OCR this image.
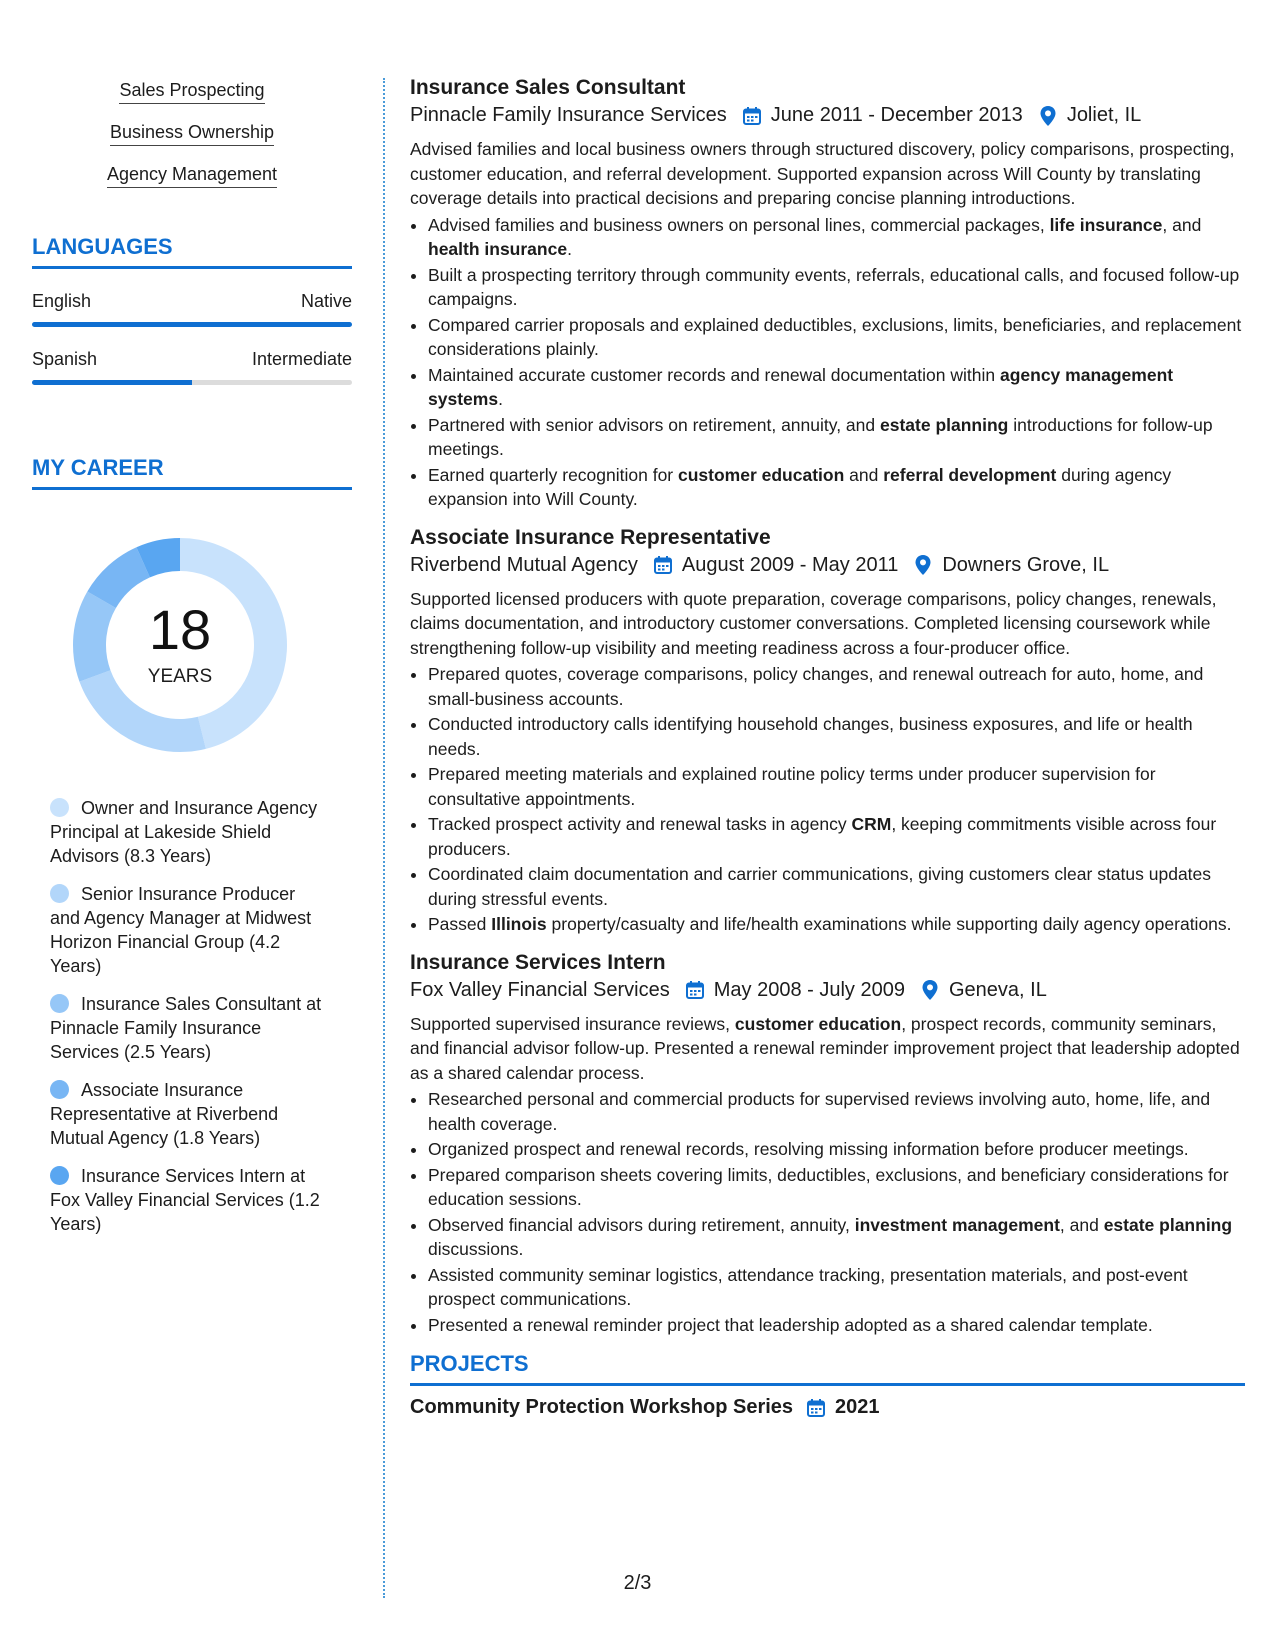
Sales Prospecting
Business Ownership
Agency Management
LANGUAGES
English	Native
Spanish	Intermediate
MY CAREER
18
YEARS
Owner and Insurance Agency Principal at Lakeside Shield Advisors (8.3 Years)
Senior Insurance Producer and Agency Manager at Midwest Horizon Financial Group (4.2 Years)
Insurance Sales Consultant at Pinnacle Family Insurance Services (2.5 Years)
Associate Insurance Representative at Riverbend Mutual Agency (1.8 Years)
Insurance Services Intern at Fox Valley Financial Services (1.2 Years)
Insurance Sales Consultant
Pinnacle Family Insurance Services June 2011 - December 2013 Joliet, IL

Advised families and local business owners through structured discovery, policy comparisons, prospecting, customer education, and referral development. Supported expansion across Will County by translating coverage details into practical decisions and preparing concise planning introductions.

• Advised families and business owners on personal lines, commercial packages, life insurance, and health insurance.
• Built a prospecting territory through community events, referrals, educational calls, and focused follow-up campaigns.
• Compared carrier proposals and explained deductibles, exclusions, limits, beneficiaries, and replacement considerations plainly.
• Maintained accurate customer records and renewal documentation within agency management systems.
• Partnered with senior advisors on retirement, annuity, and estate planning introductions for follow-up meetings.
• Earned quarterly recognition for customer education and referral development during agency expansion into Will County.
Associate Insurance Representative
Riverbend Mutual Agency August 2009 - May 2011 Downers Grove, IL

Supported licensed producers with quote preparation, coverage comparisons, policy changes, renewals, claims documentation, and introductory customer conversations. Completed licensing coursework while strengthening follow-up visibility and meeting readiness across a four-producer office.

• Prepared quotes, coverage comparisons, policy changes, and renewal outreach for auto, home, and small-business accounts.
• Conducted introductory calls identifying household changes, business exposures, and life or health needs.
• Prepared meeting materials and explained routine policy terms under producer supervision for consultative appointments.
• Tracked prospect activity and renewal tasks in agency CRM, keeping commitments visible across four producers.
• Coordinated claim documentation and carrier communications, giving customers clear status updates during stressful events.
• Passed Illinois property/casualty and life/health examinations while supporting daily agency operations.
Insurance Services Intern
Fox Valley Financial Services May 2008 - July 2009 Geneva, IL

Supported supervised insurance reviews, customer education, prospect records, community seminars, and financial advisor follow-up. Presented a renewal reminder improvement project that leadership adopted as a shared calendar process.

• Researched personal and commercial products for supervised reviews involving auto, home, life, and health coverage.
• Organized prospect and renewal records, resolving missing information before producer meetings.
• Prepared comparison sheets covering limits, deductibles, exclusions, and beneficiary considerations for education sessions.
• Observed financial advisors during retirement, annuity, investment management, and estate planning discussions.
• Assisted community seminar logistics, attendance tracking, presentation materials, and post-event prospect communications.
• Presented a renewal reminder project that leadership adopted as a shared calendar template.
PROJECTS
Community Protection Workshop Series 2021
2/3
